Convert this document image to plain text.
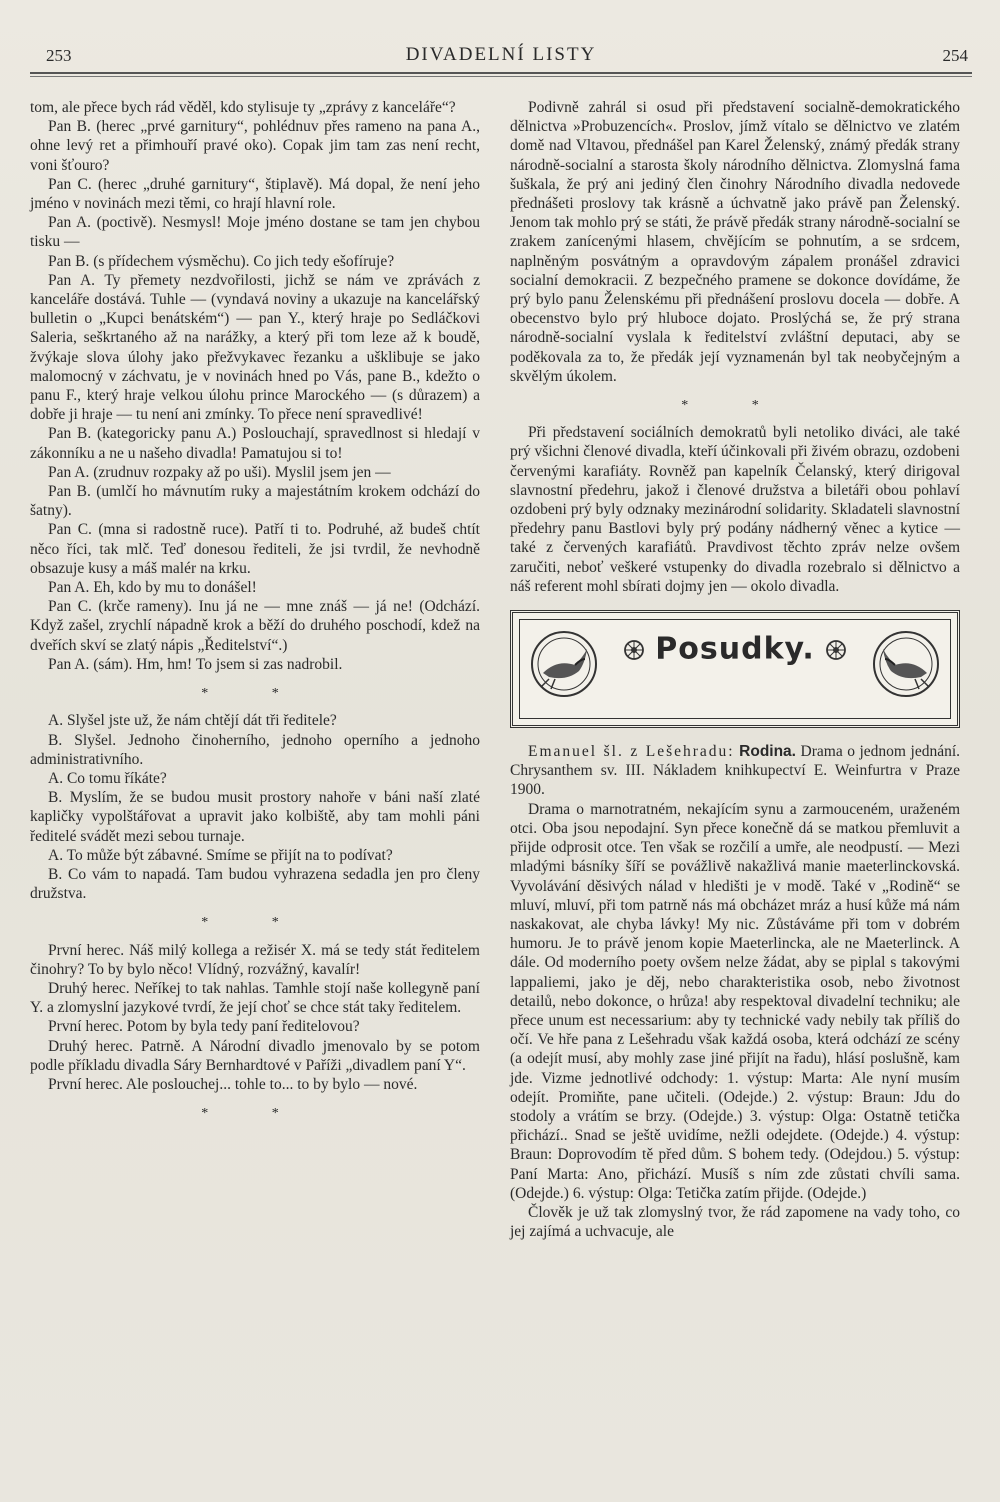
253	DIVADELNÍ LISTY	254

tom, ale přece bych rád věděl, kdo stylisuje ty „zprávy z kanceláře“?

Pan B. (herec „prvé garnitury“, pohlédnuv přes rameno na pana A., ohne levý ret a přimhouří pravé oko). Copak jim tam zas není recht, voni šťouro?

Pan C. (herec „druhé garnitury“, štiplavě). Má dopal, že není jeho jméno v novinách mezi těmi, co hrají hlavní role.

Pan A. (poctivě). Nesmysl! Moje jméno dostane se tam jen chybou tisku —

Pan B. (s přídechem výsměchu). Co jich tedy ešofíruje?

Pan A. Ty přemety nezdvořilosti, jichž se nám ve zprávách z kanceláře dostává. Tuhle — (vyndavá noviny a ukazuje na kancelářský bulletin o „Kupci benátském“) — pan Y., který hraje po Sedláčkovi Saleria, seškrtaného až na narážky, a který při tom leze až k boudě, žvýkaje slova úlohy jako přežvykavec řezanku a ušklibuje se jako malomocný v záchvatu, je v novinách hned po Vás, pane B., kdežto o panu F., který hraje velkou úlohu prince Marockého — (s důrazem) a dobře ji hraje — tu není ani zmínky. To přece není spravedlivé!

Pan B. (kategoricky panu A.) Poslouchají, spravedlnost si hledají v zákonníku a ne u našeho divadla! Pamatujou si to!

Pan A. (zrudnuv rozpaky až po uši). Myslil jsem jen —

Pan B. (umlčí ho mávnutím ruky a majestátním krokem odchází do šatny).

Pan C. (mna si radostně ruce). Patří ti to. Podruhé, až budeš chtít něco říci, tak mlč. Teď donesou řediteli, že jsi tvrdil, že nevhodně obsazuje kusy a máš malér na krku.

Pan A. Eh, kdo by mu to donášel!

Pan C. (krče rameny). Inu já ne — mne znáš — já ne! (Odchází. Když zašel, zrychlí nápadně krok a běží do druhého poschodí, kdež na dveřích skví se zlatý nápis „Ředitelství“.)

Pan A. (sám). Hm, hm! To jsem si zas nadrobil.

* *

A. Slyšel jste už, že nám chtějí dát tři ředitele?

B. Slyšel. Jednoho činoherního, jednoho operního a jednoho administrativního.

A. Co tomu říkáte?

B. Myslím, že se budou musit prostory nahoře v báni naší zlaté kapličky vypolštářovat a upravit jako kolbiště, aby tam mohli páni ředitelé svádět mezi sebou turnaje.

A. To může být zábavné. Smíme se přijít na to podívat?

B. Co vám to napadá. Tam budou vyhrazena sedadla jen pro členy družstva.

* *

První herec. Náš milý kollega a režisér X. má se tedy stát ředitelem činohry? To by bylo něco! Vlídný, rozvážný, kavalír!

Druhý herec. Neříkej to tak nahlas. Tamhle stojí naše kollegyně paní Y. a zlomyslní jazykové tvrdí, že její choť se chce stát taky ředitelem.

První herec. Potom by byla tedy paní ředitelovou?

Druhý herec. Patrně. A Národní divadlo jmenovalo by se potom podle příkladu divadla Sáry Bernhardtové v Paříži „divadlem paní Y“.

První herec. Ale poslouchej... tohle to... to by bylo — nové.

* *

Podivně zahrál si osud při představení socialně-demokratického dělnictva »Probuzencích«. Proslov, jímž vítalo se dělnictvo ve zlatém domě nad Vltavou, přednášel pan Karel Želenský, známý předák strany národně-socialní a starosta školy národního dělnictva. Zlomyslná fama šuškala, že prý ani jediný člen činohry Národního divadla nedovede přednášeti proslovy tak krásně a úchvatně jako právě pan Želenský. Jenom tak mohlo prý se státi, že právě předák strany národně-socialní se zrakem zanícenými hlasem, chvějícím se pohnutím, a se srdcem, naplněným posvátným a opravdovým zápalem pronášel zdravici socialní demokracii. Z bezpečného pramene se dokonce dovídáme, že prý bylo panu Želenskému při přednášení proslovu docela — dobře. A obecenstvo bylo prý hluboce dojato. Proslýchá se, že prý strana národně-socialní vyslala k ředitelství zvláštní deputaci, aby se poděkovala za to, že předák její vyznamenán byl tak neobyčejným a skvělým úkolem.

* *

Při představení sociálních demokratů byli netoliko diváci, ale také prý všichni členové divadla, kteří účinkovali při živém obrazu, ozdobeni červenými karafiáty. Rovněž pan kapelník Čelanský, který dirigoval slavnostní předehru, jakož i členové družstva a biletáři obou pohlaví ozdobeni prý byly odznaky mezinárodní solidarity. Skladateli slavnostní předehry panu Bastlovi byly prý podány nádherný věnec a kytice — také z červených karafiátů. Pravdivost těchto zpráv nelze ovšem zaručiti, neboť veškeré vstupenky do divadla rozebralo si dělnictvo a náš referent mohl sbírati dojmy jen — okolo divadla.

Posudky.

Emanuel šl. z Lešehradu: Rodina. Drama o jednom jednání. Chrysanthem sv. III. Nákladem knihkupectví E. Weinfurtra v Praze 1900.

Drama o marnotratném, nekajícím synu a zarmouceném, uraženém otci. Oba jsou nepodajní. Syn přece konečně dá se matkou přemluvit a přijde odprosit otce. Ten však se rozčilí a umře, ale neodpustí. — Mezi mladými básníky šíří se povážlivě nakažlivá manie maeterlinckovská. Vyvolávání děsivých nálad v hledišti je v modě. Také v „Rodině“ se mluví, mluví, při tom patrně nás má obcházet mráz a husí kůže má nám naskakovat, ale chyba lávky! My nic. Zůstáváme při tom v dobrém humoru. Je to právě jenom kopie Maeterlincka, ale ne Maeterlinck. A dále. Od moderního poety ovšem nelze žádat, aby se piplal s takovými lappaliemi, jako je děj, nebo charakteristika osob, nebo životnost detailů, nebo dokonce, o hrůza! aby respektoval divadelní techniku; ale přece unum est necessarium: aby ty technické vady nebily tak příliš do očí. Ve hře pana z Lešehradu však každá osoba, která odchází ze scény (a odejít musí, aby mohly zase jiné přijít na řadu), hlásí poslušně, kam jde. Vizme jednotlivé odchody: 1. výstup: Marta: Ale nyní musím odejít. Promiňte, pane učiteli. (Odejde.) 2. výstup: Braun: Jdu do stodoly a vrátím se brzy. (Odejde.) 3. výstup: Olga: Ostatně tetička přichází.. Snad se ještě uvidíme, nežli odejdete. (Odejde.) 4. výstup: Braun: Doprovodím tě před dům. S bohem tedy. (Odejdou.) 5. výstup: Paní Marta: Ano, přichází. Musíš s ním zde zůstati chvíli sama. (Odejde.) 6. výstup: Olga: Tetička zatím přijde. (Odejde.)

Člověk je už tak zlomyslný tvor, že rád zapomene na vady toho, co jej zajímá a uchvacuje, ale
